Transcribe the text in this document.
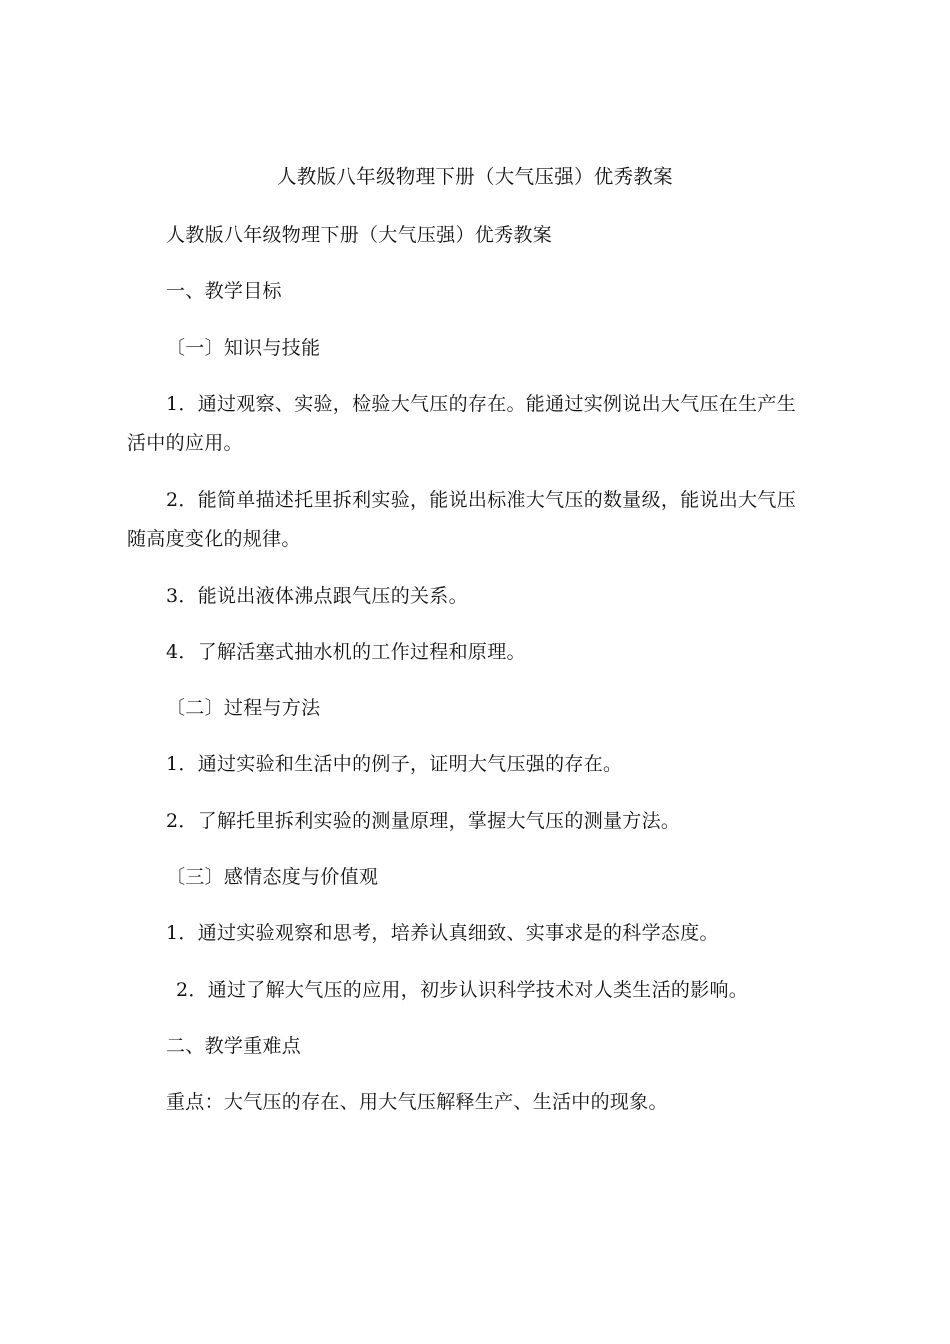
人教版八年级物理下册（大气压强）优秀教案
人教版八年级物理下册（大气压强）优秀教案
一、教学目标
〔一〕知识与技能
1．通过观察、实验，检验大气压的存在。能通过实例说出大气压在生产生
活中的应用。
2．能简单描述托里拆利实验，能说出标准大气压的数量级，能说出大气压
随高度变化的规律。
3．能说出液体沸点跟气压的关系。
4．了解活塞式抽水机的工作过程和原理。
〔二〕过程与方法
1．通过实验和生活中的例子，证明大气压强的存在。
2．了解托里拆利实验的测量原理，掌握大气压的测量方法。
〔三〕感情态度与价值观
1．通过实验观察和思考，培养认真细致、实事求是的科学态度。
2．通过了解大气压的应用，初步认识科学技术对人类生活的影响。
二、教学重难点
重点：大气压的存在、用大气压解释生产、生活中的现象。
